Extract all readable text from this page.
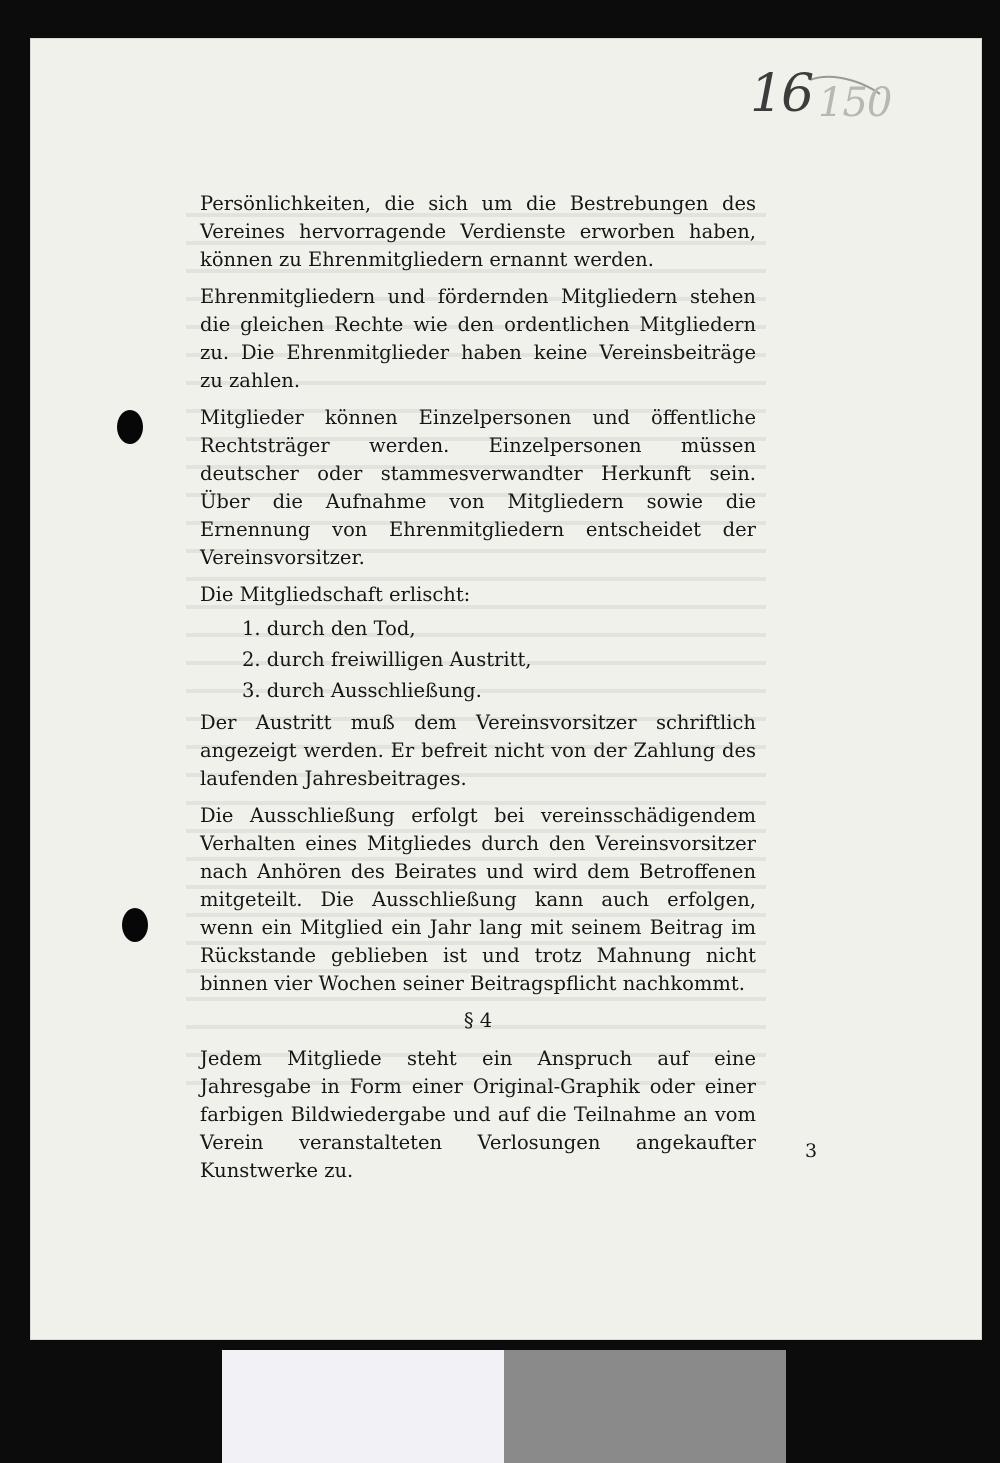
150
16

Persönlichkeiten, die sich um die Bestrebungen des Vereines hervorragende Verdienste erworben haben, können zu Ehrenmitgliedern ernannt werden.

Ehrenmitgliedern und fördernden Mitgliedern stehen die gleichen Rechte wie den ordentlichen Mitgliedern zu. Die Ehrenmitglieder haben keine Vereinsbeiträge zu zahlen.

Mitglieder können Einzelpersonen und öffentliche Rechtsträger werden. Einzelpersonen müssen deutscher oder stammesverwandter Herkunft sein. Über die Aufnahme von Mitgliedern sowie die Ernennung von Ehrenmitgliedern entscheidet der Vereinsvorsitzer.

Die Mitgliedschaft erlischt:

1. durch den Tod,
2. durch freiwilligen Austritt,
3. durch Ausschließung.

Der Austritt muß dem Vereinsvorsitzer schriftlich angezeigt werden. Er befreit nicht von der Zahlung des laufenden Jahresbeitrages.

Die Ausschließung erfolgt bei vereinsschädigendem Verhalten eines Mitgliedes durch den Vereinsvorsitzer nach Anhören des Beirates und wird dem Betroffenen mitgeteilt. Die Ausschließung kann auch erfolgen, wenn ein Mitglied ein Jahr lang mit seinem Beitrag im Rückstande geblieben ist und trotz Mahnung nicht binnen vier Wochen seiner Beitragspflicht nachkommt.

§ 4

Jedem Mitgliede steht ein Anspruch auf eine Jahresgabe in Form einer Original-Graphik oder einer farbigen Bildwiedergabe und auf die Teilnahme an vom Verein veranstalteten Verlosungen angekaufter Kunstwerke zu.

3
